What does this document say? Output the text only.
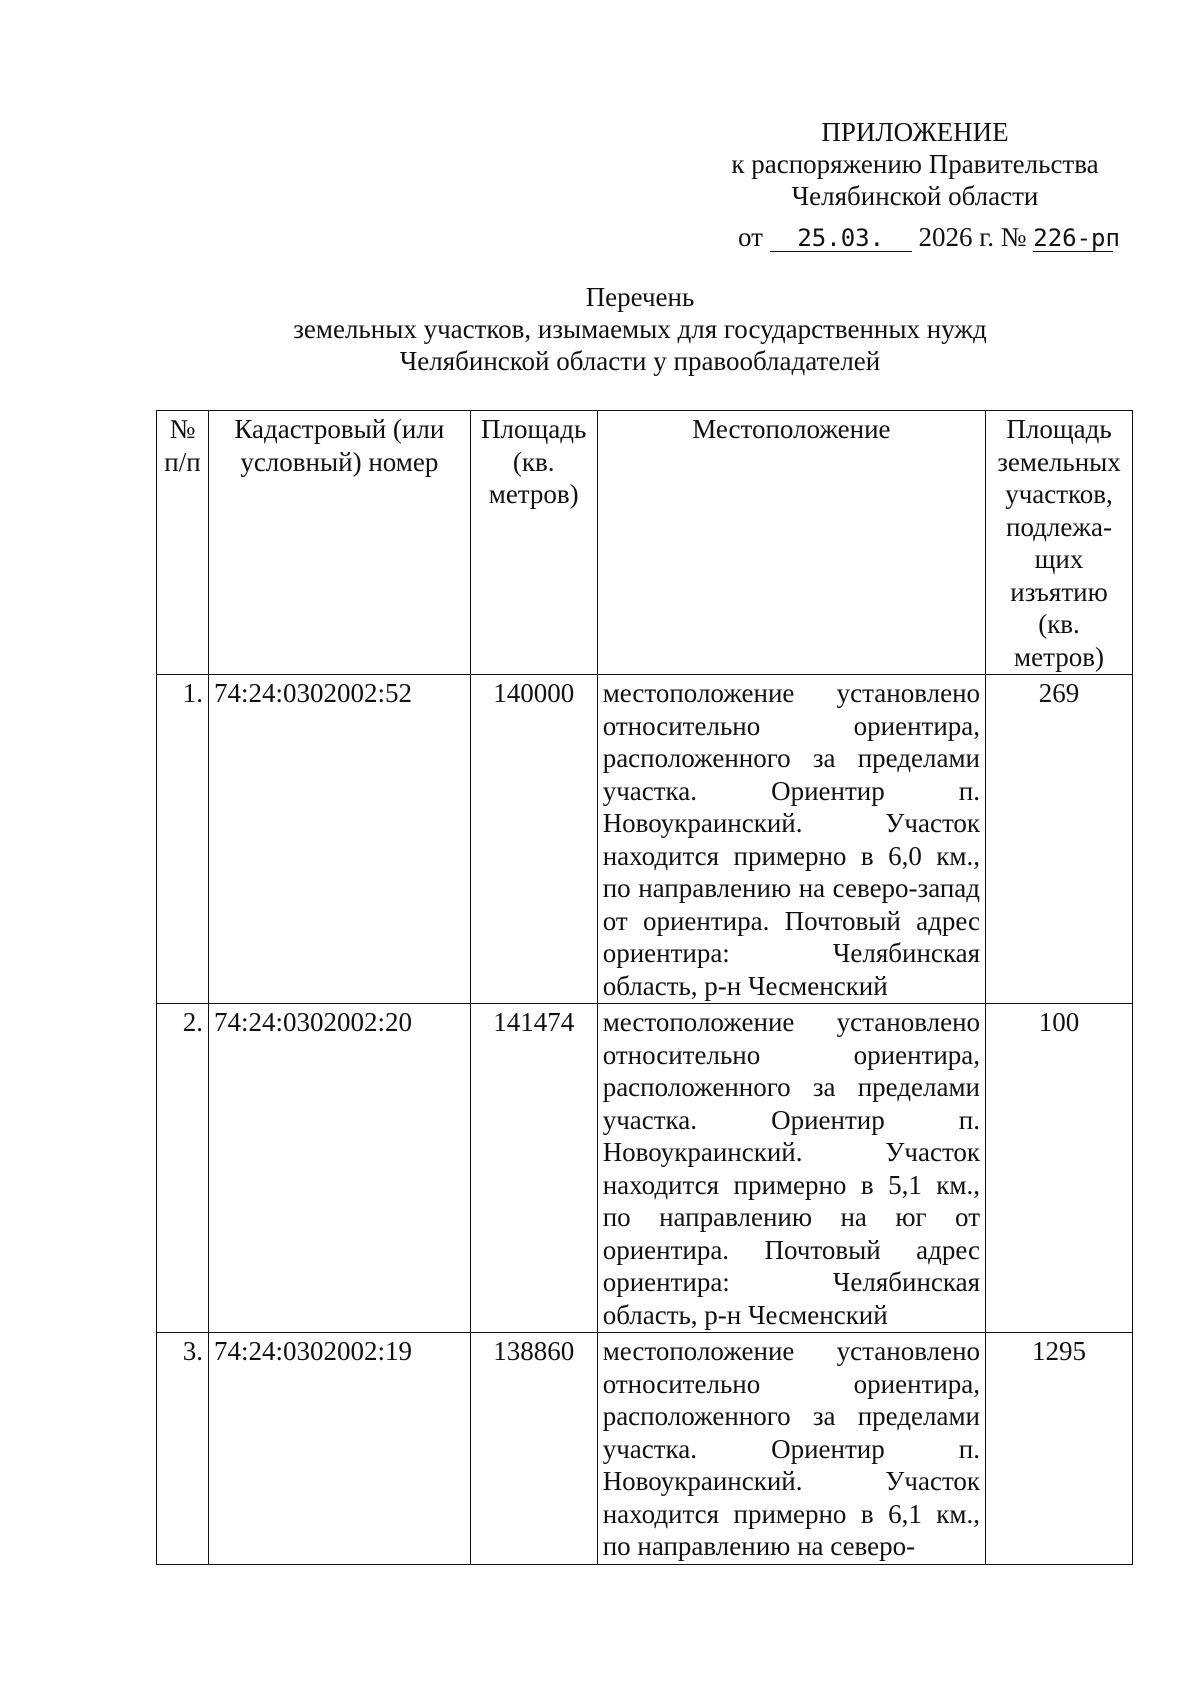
ПРИЛОЖЕНИЕ
к распоряжению Правительства
Челябинской области
от 25.03. 2026 г. № 226-рп
Перечень
земельных участков, изымаемых для государственных нужд
Челябинской области у правообладателей
№ п/п	Кадастровый (или условный) номер	Площадь (кв. метров)	Местоположение	Площадь земельных участков, подлежа-щих изъятию (кв. метров)
1.	74:24:0302002:52	140000	местоположение установлено относительно ориентира, расположенного за пределами участка. Ориентир п. Новоукраинский. Участок находится примерно в 6,0 км., по направлению на северо-запад от ориентира. Почтовый адрес ориентира: Челябинская область, р-н Чесменский	269
2.	74:24:0302002:20	141474	местоположение установлено относительно ориентира, расположенного за пределами участка. Ориентир п. Новоукраинский. Участок находится примерно в 5,1 км., по направлению на юг от ориентира. Почтовый адрес ориентира: Челябинская область, р-н Чесменский	100
3.	74:24:0302002:19	138860	местоположение установлено относительно ориентира, расположенного за пределами участка. Ориентир п. Новоукраинский. Участок находится примерно в 6,1 км., по направлению на северо-	1295
